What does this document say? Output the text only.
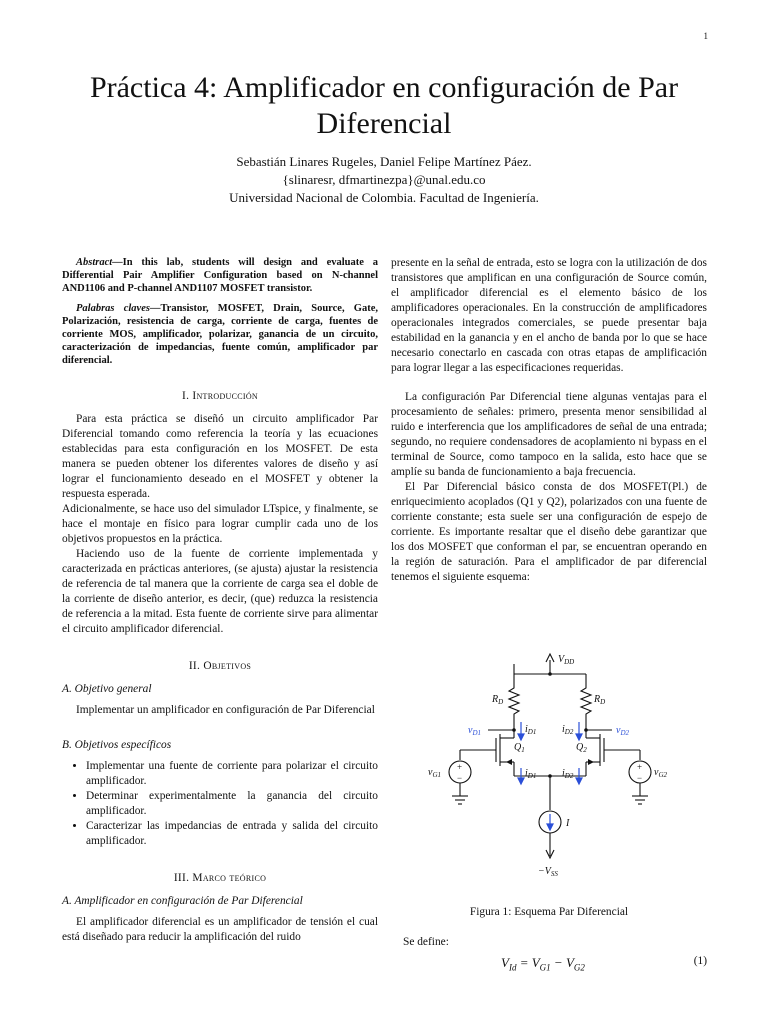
1
Práctica 4: Amplificador en configuración de Par Diferencial
Sebastián Linares Rugeles, Daniel Felipe Martínez Páez.
{slinaresr, dfmartinezpa}@unal.edu.co
Universidad Nacional de Colombia. Facultad de Ingeniería.

Abstract—In this lab, students will design and evaluate a Differential Pair Amplifier Configuration based on N-channel AND1106 and P-channel AND1107 MOSFET transistor.

Palabras claves—Transistor, MOSFET, Drain, Source, Gate, Polarización, resistencia de carga, corriente de carga, fuentes de corriente MOS, amplificador, polarizar, ganancia de un circuito, caracterización de impedancias, fuente común, amplificador par diferencial.

I. Introducción

Para esta práctica se diseñó un circuito amplificador Par Diferencial tomando como referencia la teoría y las ecuaciones establecidas para esta configuración en los MOSFET. De esta manera se pueden obtener los diferentes valores de diseño y así lograr el funcionamiento deseado en el MOSFET y obtener la respuesta esperada.

Adicionalmente, se hace uso del simulador LTspice, y finalmente, se hace el montaje en físico para lograr cumplir cada uno de los objetivos propuestos en la práctica.

Haciendo uso de la fuente de corriente implementada y caracterizada en prácticas anteriores, (se ajusta) ajustar la resistencia de referencia de tal manera que la corriente de carga sea el doble de la corriente de diseño anterior, es decir, (que) reduzca la resistencia de referencia a la mitad. Esta fuente de corriente sirve para alimentar el circuito amplificador diferencial.

II. Objetivos
A. Objetivo general

Implementar un amplificador en configuración de Par Diferencial

B. Objetivos específicos
• Implementar una fuente de corriente para polarizar el circuito amplificador.
• Determinar experimentalmente la ganancia del circuito amplificador.
• Caracterizar las impedancias de entrada y salida del circuito amplificador.
III. Marco teórico
A. Amplificador en configuración de Par Diferencial

El amplificador diferencial es un amplificador de tensión el cual está diseñado para reducir la amplificación del ruido

presente en la señal de entrada, esto se logra con la utilización de dos transistores que amplifican en una configuración de Source común, el amplificador diferencial es el elemento básico de los amplificadores operacionales. En la construcción de amplificadores operacionales integrados comerciales, se puede presentar baja estabilidad en la ganancia y en el ancho de banda por lo que se hace necesario conectarlo en cascada con otras etapas de amplificación para lograr llegar a las especificaciones requeridas.

La configuración Par Diferencial tiene algunas ventajas para el procesamiento de señales: primero, presenta menor sensibilidad al ruido e interferencia que los amplificadores de señal de una entrada; segundo, no requiere condensadores de acoplamiento ni bypass en el terminal de Source, como tampoco en la salida, esto hace que se amplíe su banda de funcionamiento a baja frecuencia.

El Par Diferencial básico consta de dos MOSFET(Pl.) de enriquecimiento acoplados (Q1 y Q2), polarizados con una fuente de corriente constante; esta suele ser una configuración de espejo de corriente. Es importante resaltar que el diseño debe garantizar que los dos MOSFET que conforman el par, se encuentran operando en la región de saturación. Para el amplificador de par diferencial tenemos el siguiente esquema:

+
−
+
−
$V_{DD}$
$R_D$	$R_D$
$v_{D1}$	$v_{D2}$
$i_{D1}$	$i_{D2}$
$Q_1$	$Q_2$
$i_{D1}$	$i_{D2}$
$v_{G1}$	$v_{G2}$
I
$-V_{SS}$
Figura 1: Esquema Par Diferencial
Se define:
$V_{Id} = V_{G1} - V_{G2}$
(1)
